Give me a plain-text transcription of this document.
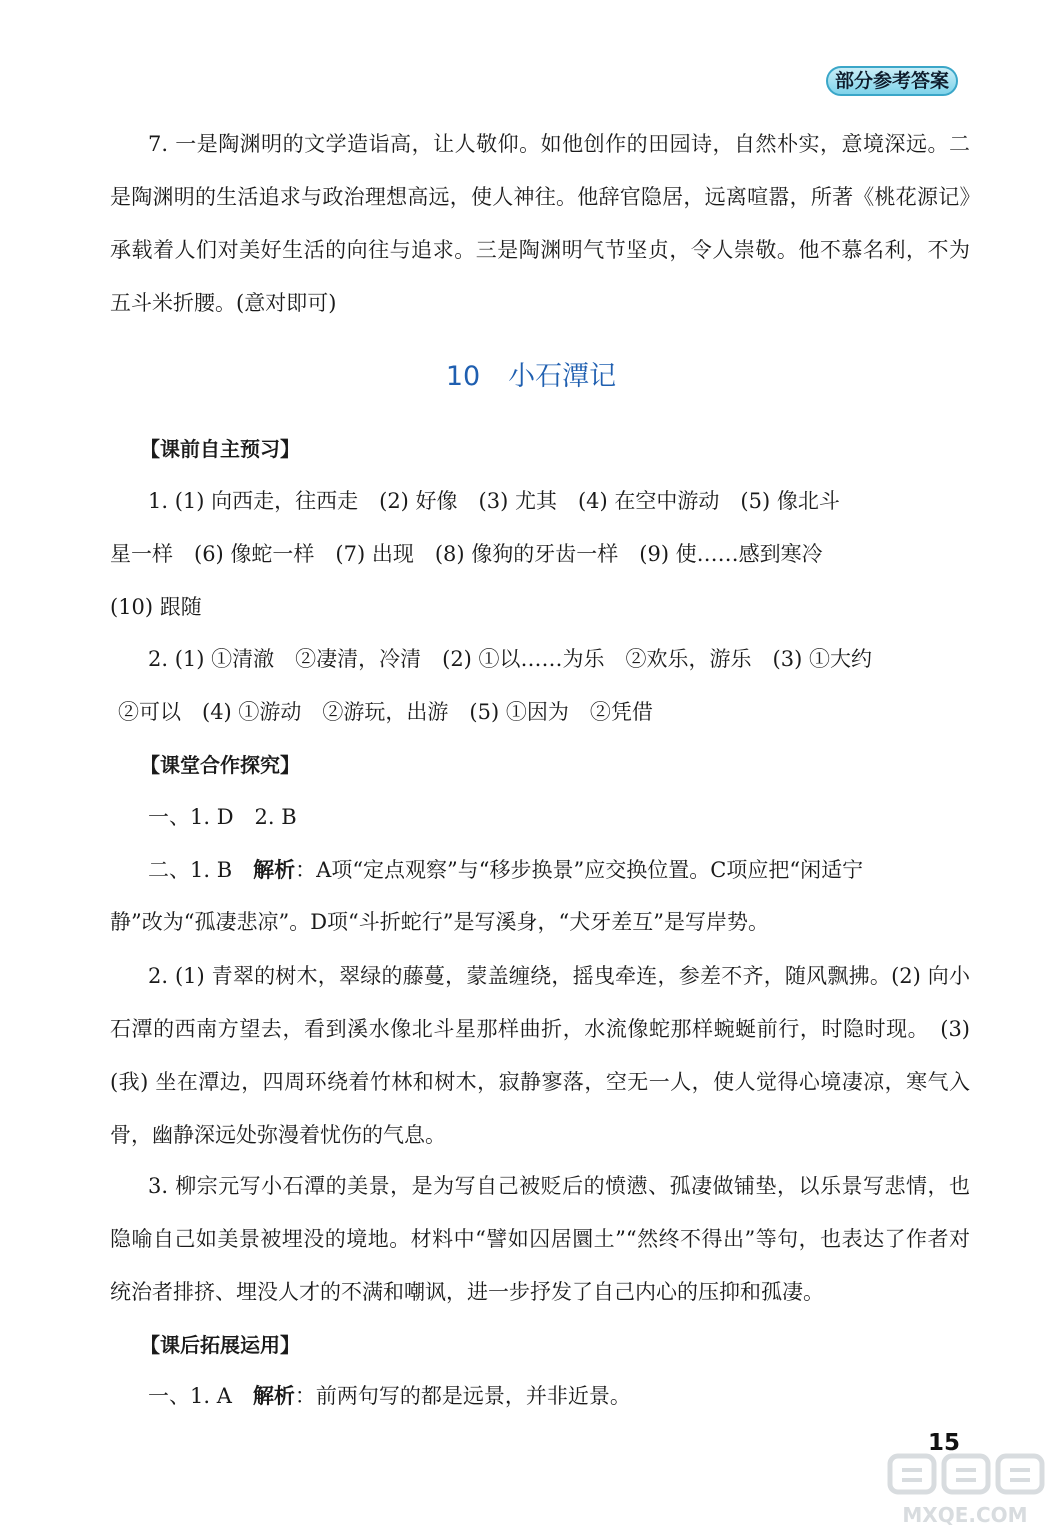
部分参考答案

7. 一是陶渊明的文学造诣高，让人敬仰。如他创作的田园诗，自然朴实，意境深远。二是陶渊明的生活追求与政治理想高远，使人神往。他辞官隐居，远离喧嚣，所著《桃花源记》承载着人们对美好生活的向往与追求。三是陶渊明气节坚贞，令人崇敬。他不慕名利，不为五斗米折腰。(意对即可)

10 小石潭记
【课前自主预习】

1. (1) 向西走，往西走　(2) 好像　(3) 尤其　(4) 在空中游动　(5) 像北斗

星一样　(6) 像蛇一样　(7) 出现　(8) 像狗的牙齿一样　(9) 使……感到寒冷

(10) 跟随

2. (1) ①清澈　②凄清，冷清　(2) ①以……为乐　②欢乐，游乐　(3) ①大约

②可以　(4) ①游动　②游玩，出游　(5) ①因为　②凭借

【课堂合作探究】

一、1. D　2. B

二、1. B　解析：A项“定点观察”与“移步换景”应交换位置。C项应把“闲适宁

静”改为“孤凄悲凉”。D项“斗折蛇行”是写溪身，“犬牙差互”是写岸势。

2. (1) 青翠的树木，翠绿的藤蔓，蒙盖缠绕，摇曳牵连，参差不齐，随风飘拂。(2) 向小石潭的西南方望去，看到溪水像北斗星那样曲折，水流像蛇那样蜿蜒前行，时隐时现。　(3) (我) 坐在潭边，四周环绕着竹林和树木，寂静寥落，空无一人，使人觉得心境凄凉，寒气入骨，幽静深远处弥漫着忧伤的气息。

3. 柳宗元写小石潭的美景，是为写自己被贬后的愤懑、孤凄做铺垫，以乐景写悲情，也隐喻自己如美景被埋没的境地。材料中“譬如囚居圜土”“然终不得出”等句，也表达了作者对统治者排挤、埋没人才的不满和嘲讽，进一步抒发了自己内心的压抑和孤凄。

【课后拓展运用】

一、1. A　解析：前两句写的都是远景，并非近景。

15
MXQE.COM
